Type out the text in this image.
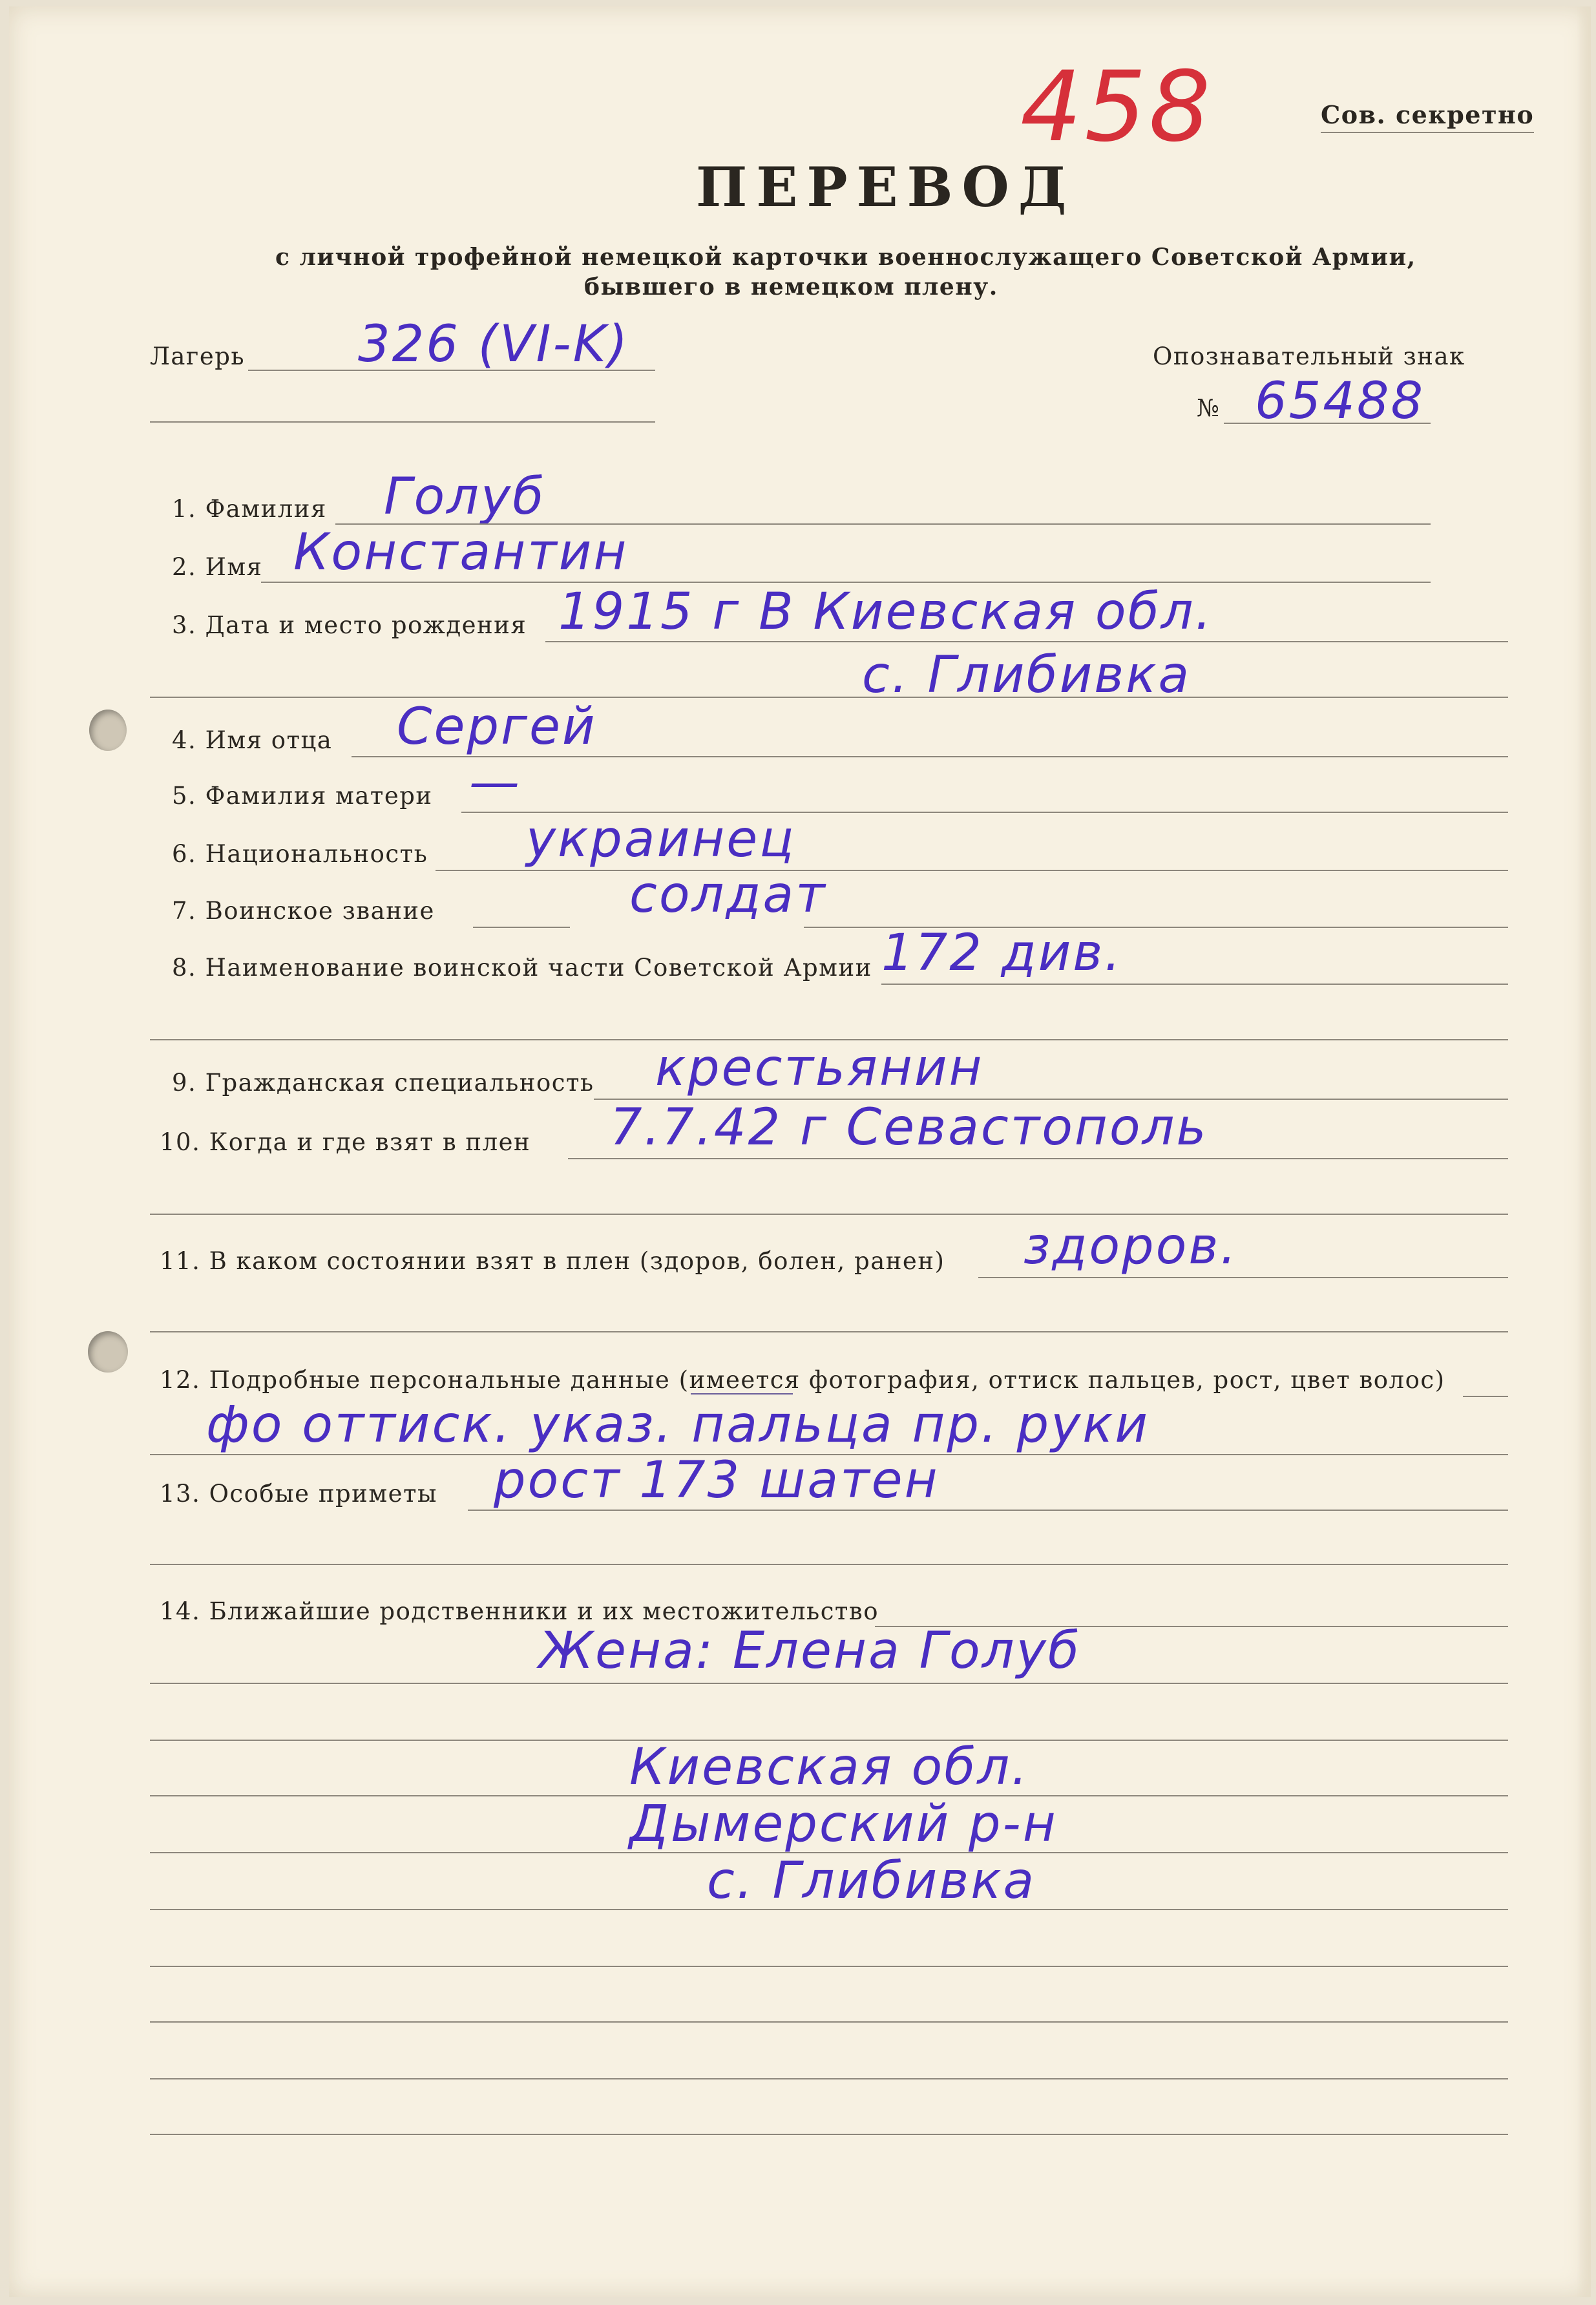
Сов. секретно
458
ПЕРЕВОД
с личной трофейной немецкой карточки военнослужащего Советской Армии,
бывшего в немецком плену.
Лагерь 326 (VI-K)	Опознавательный знак
№ 65488
1. Фамилия Голуб
2. Имя Константин
3. Дата и место рождения 1915 г В Киевская обл.
с. Глибивка
4. Имя отца Сергей
5. Фамилия матери —
6. Национальность украинец
7. Воинское звание	солдат
8. Наименование воинской части Советской Армии 172 див.
9. Гражданская специальность крестьянин
10. Когда и где взят в плен 7.7.42 г Севастополь
11. В каком состоянии взят в плен (здоров, болен, ранен) здоров.
12. Подробные персональные данные (имеется фотография, оттиск пальцев, рост, цвет волос)
фо оттиск. указ. пальца пр. руки
13. Особые приметы рост 173 шатен
14. Ближайшие родственники и их местожительство
Жена: Елена Голуб
Киевская обл.
Дымерский р-н
с. Глибивка
